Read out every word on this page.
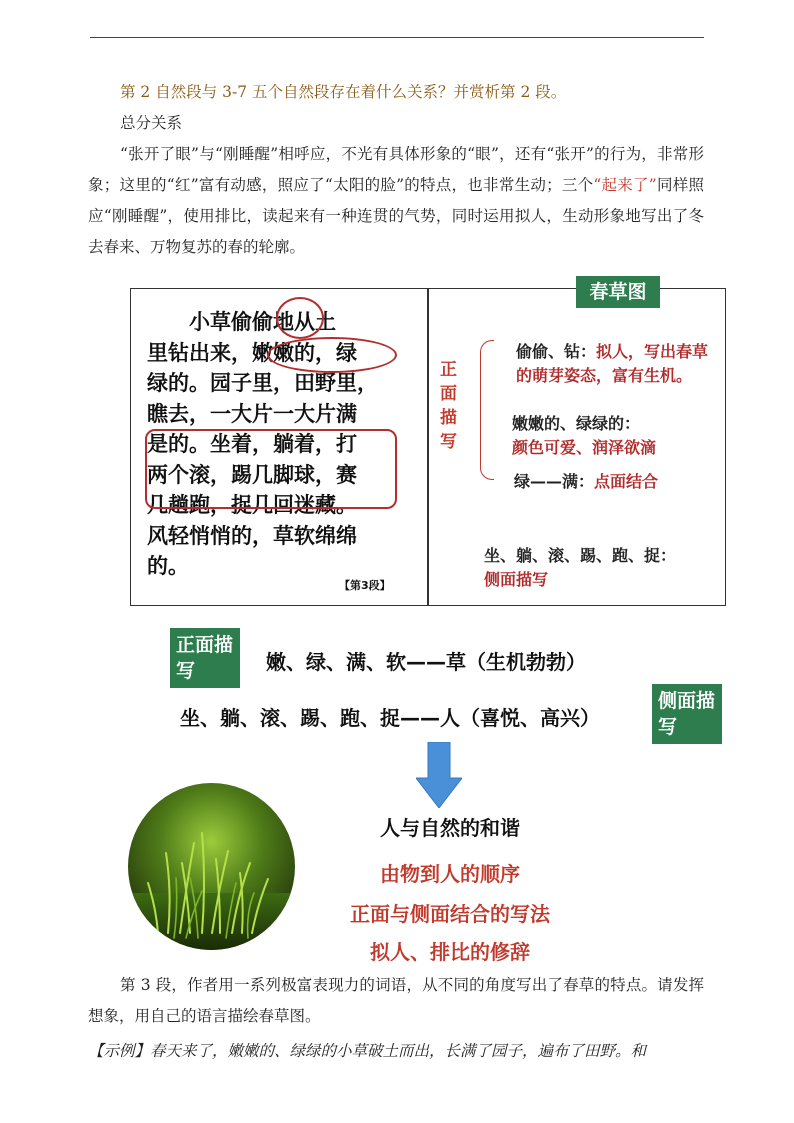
第 2 自然段与 3-7 五个自然段存在着什么关系？并赏析第 2 段。
总分关系
“张开了眼”与“刚睡醒”相呼应，不光有具体形象的“眼”，还有“张开”的行为，非常形象；这里的“红”富有动感，照应了“太阳的脸”的特点，也非常生动；三个“起来了”同样照应“刚睡醒”，使用排比，读起来有一种连贯的气势，同时运用拟人，生动形象地写出了冬去春来、万物复苏的春的轮廓。
　　小草偷偷地从土
里钻出来，嫩嫩的，绿
绿的。园子里，田野里，
瞧去，一大片一大片满
是的。坐着，躺着，打
两个滚，踢几脚球，赛
几趟跑，捉几回迷藏。
风轻悄悄的，草软绵绵
的。
【第3段】
春草图
正面描写
偷偷、钻：拟人，写出春草的萌芽姿态，富有生机。
嫩嫩的、绿绿的：
颜色可爱、润泽欲滴
绿——满：点面结合
坐、躺、滚、踢、跑、捉：
侧面描写
正面描写	嫩、绿、满、软——草（生机勃勃）
坐、躺、滚、踢、跑、捉——人（喜悦、高兴）
侧面描写
人与自然的和谐
由物到人的顺序
正面与侧面结合的写法
拟人、排比的修辞
第 3 段，作者用一系列极富表现力的词语，从不同的角度写出了春草的特点。请发挥想象，用自己的语言描绘春草图。
【示例】春天来了，嫩嫩的、绿绿的小草破土而出，长满了园子，遍布了田野。和
